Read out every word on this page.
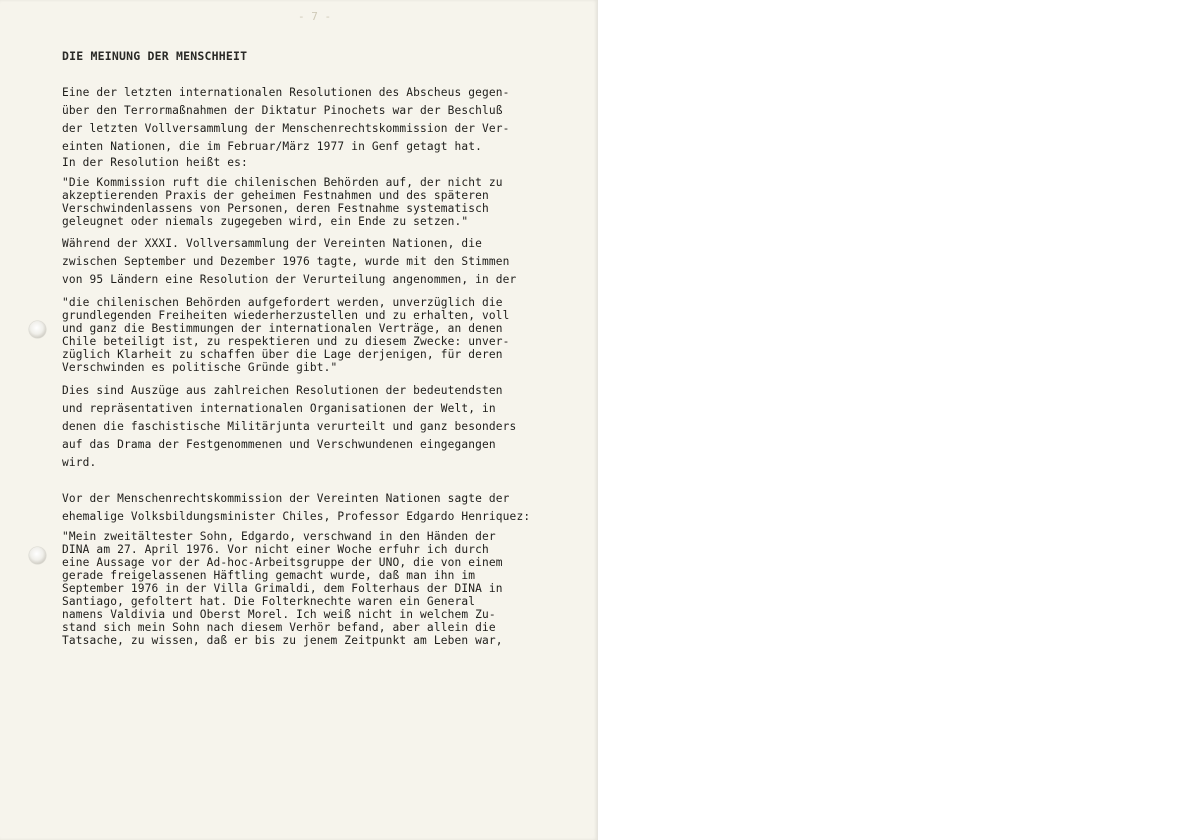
- 7 -
DIE MEINUNG DER MENSCHHEIT
Eine der letzten internationalen Resolutionen des Abscheus gegen-
über den Terrormaßnahmen der Diktatur Pinochets war der Beschluß
der letzten Vollversammlung der Menschenrechtskommission der Ver-
einten Nationen, die im Februar/März 1977 in Genf getagt hat.
In der Resolution heißt es:
"Die Kommission ruft die chilenischen Behörden auf, der nicht zu
akzeptierenden Praxis der geheimen Festnahmen und des späteren
Verschwindenlassens von Personen, deren Festnahme systematisch
geleugnet oder niemals zugegeben wird, ein Ende zu setzen."
Während der XXXI. Vollversammlung der Vereinten Nationen, die
zwischen September und Dezember 1976 tagte, wurde mit den Stimmen
von 95 Ländern eine Resolution der Verurteilung angenommen, in der
"die chilenischen Behörden aufgefordert werden, unverzüglich die
grundlegenden Freiheiten wiederherzustellen und zu erhalten, voll
und ganz die Bestimmungen der internationalen Verträge, an denen
Chile beteiligt ist, zu respektieren und zu diesem Zwecke: unver-
züglich Klarheit zu schaffen über die Lage derjenigen, für deren
Verschwinden es politische Gründe gibt."
Dies sind Auszüge aus zahlreichen Resolutionen der bedeutendsten
und repräsentativen internationalen Organisationen der Welt, in
denen die faschistische Militärjunta verurteilt und ganz besonders
auf das Drama der Festgenommenen und Verschwundenen eingegangen
wird.
Vor der Menschenrechtskommission der Vereinten Nationen sagte der
ehemalige Volksbildungsminister Chiles, Professor Edgardo Henriquez:
"Mein zweitältester Sohn, Edgardo, verschwand in den Händen der
DINA am 27. April 1976. Vor nicht einer Woche erfuhr ich durch
eine Aussage vor der Ad-hoc-Arbeitsgruppe der UNO, die von einem
gerade freigelassenen Häftling gemacht wurde, daß man ihn im
September 1976 in der Villa Grimaldi, dem Folterhaus der DINA in
Santiago, gefoltert hat. Die Folterknechte waren ein General
namens Valdivia und Oberst Morel. Ich weiß nicht in welchem Zu-
stand sich mein Sohn nach diesem Verhör befand, aber allein die
Tatsache, zu wissen, daß er bis zu jenem Zeitpunkt am Leben war,
